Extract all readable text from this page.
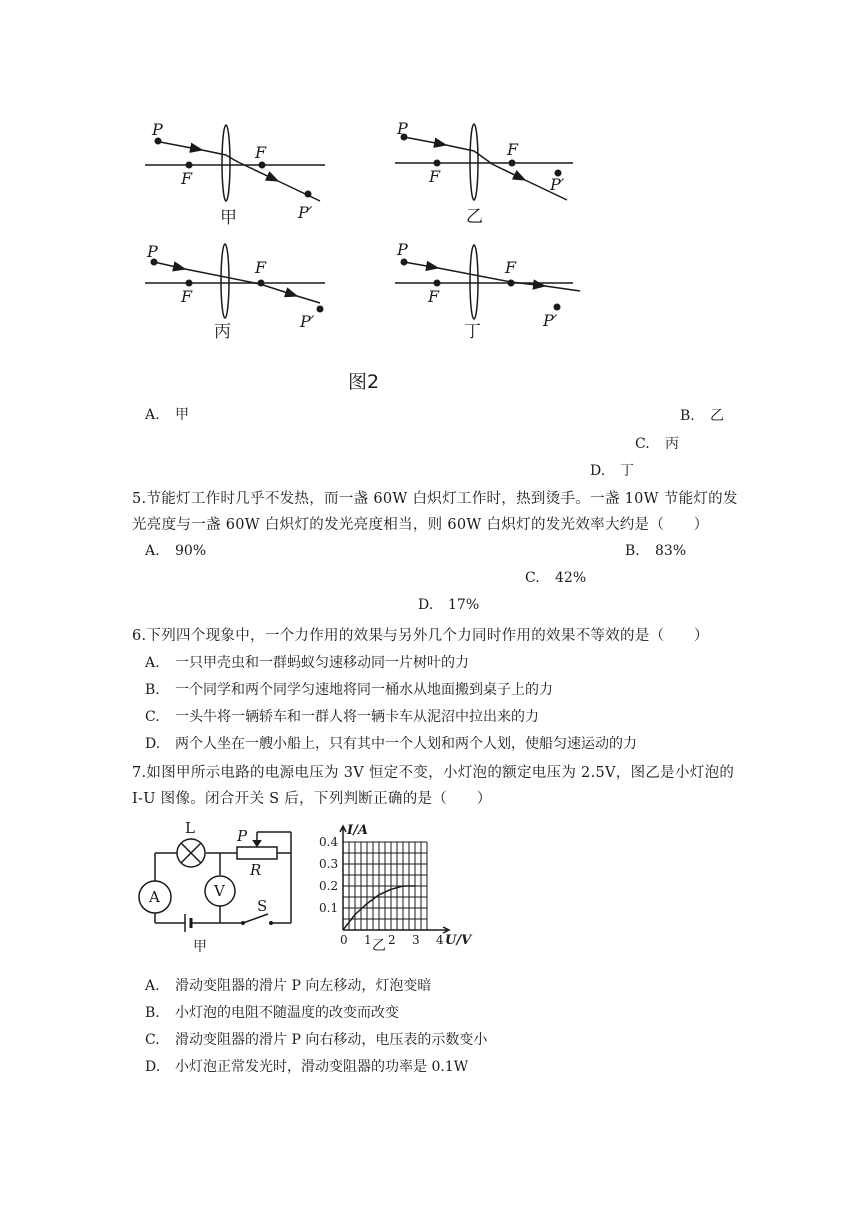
P
F
F
P′
P
F
F
P′
P
F
F
P′
P
F
F
P′
甲	乙
丙	丁
图2
A. 甲	B. 乙
C. 丙
D. 丁
5.节能灯工作时几乎不发热，而一盏 60W 白炽灯工作时，热到烫手。一盏 10W 节能灯的发
光亮度与一盏 60W 白炽灯的发光亮度相当，则 60W 白炽灯的发光效率大约是（　　）
A. 90%	B. 83%
C. 42%
D. 17%
6.下列四个现象中，一个力作用的效果与另外几个力同时作用的效果不等效的是（　　）
A. 一只甲壳虫和一群蚂蚁匀速移动同一片树叶的力
B. 一个同学和两个同学匀速地将同一桶水从地面搬到桌子上的力
C. 一头牛将一辆轿车和一群人将一辆卡车从泥沼中拉出来的力
D. 两个人坐在一艘小船上，只有其中一个人划和两个人划，使船匀速运动的力
7.如图甲所示电路的电源电压为 3V 恒定不变，小灯泡的额定电压为 2.5V，图乙是小灯泡的
I-U 图像。闭合开关 S 后，下列判断正确的是（　　）
L	P
R
A	V
S
甲	0 1 2 3 4
0.1
0.2
0.3
0.4
I/A
U/V
乙
A. 滑动变阻器的滑片 P 向左移动，灯泡变暗
B. 小灯泡的电阻不随温度的改变而改变
C. 滑动变阻器的滑片 P 向右移动，电压表的示数变小
D. 小灯泡正常发光时，滑动变阻器的功率是 0.1W
